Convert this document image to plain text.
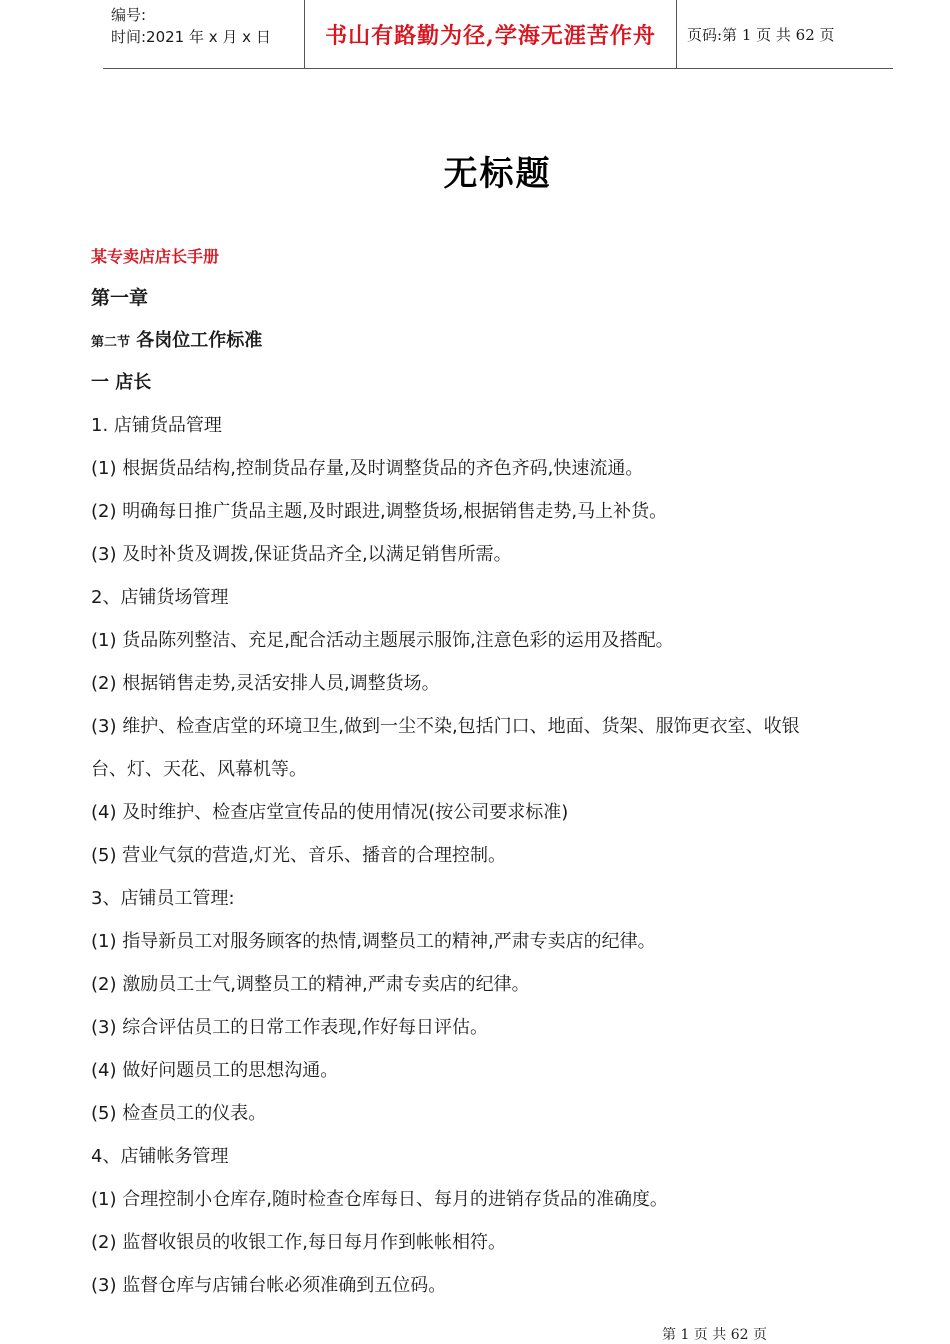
编号:
时间:2021 年 x 月 x 日	书山有路勤为径,学海无涯苦作舟	页码:第 1 页 共 62 页
无标题
某专卖店店长手册
第一章
第二节 各岗位工作标准
一 店长
1. 店铺货品管理
(1) 根据货品结构,控制货品存量,及时调整货品的齐色齐码,快速流通。
(2) 明确每日推广货品主题,及时跟进,调整货场,根据销售走势,马上补货。
(3) 及时补货及调拨,保证货品齐全,以满足销售所需。
2、店铺货场管理
(1) 货品陈列整洁、充足,配合活动主题展示服饰,注意色彩的运用及搭配。
(2) 根据销售走势,灵活安排人员,调整货场。
(3) 维护、检查店堂的环境卫生,做到一尘不染,包括门口、地面、货架、服饰更衣室、收银
台、灯、天花、风幕机等。
(4) 及时维护、检查店堂宣传品的使用情况(按公司要求标准)
(5) 营业气氛的营造,灯光、音乐、播音的合理控制。
3、店铺员工管理:
(1) 指导新员工对服务顾客的热情,调整员工的精神,严肃专卖店的纪律。
(2) 激励员工士气,调整员工的精神,严肃专卖店的纪律。
(3) 综合评估员工的日常工作表现,作好每日评估。
(4) 做好问题员工的思想沟通。
(5) 检查员工的仪表。
4、店铺帐务管理
(1) 合理控制小仓库存,随时检查仓库每日、每月的进销存货品的准确度。
(2) 监督收银员的收银工作,每日每月作到帐帐相符。
(3) 监督仓库与店铺台帐必须准确到五位码。
第 1 页 共 62 页
